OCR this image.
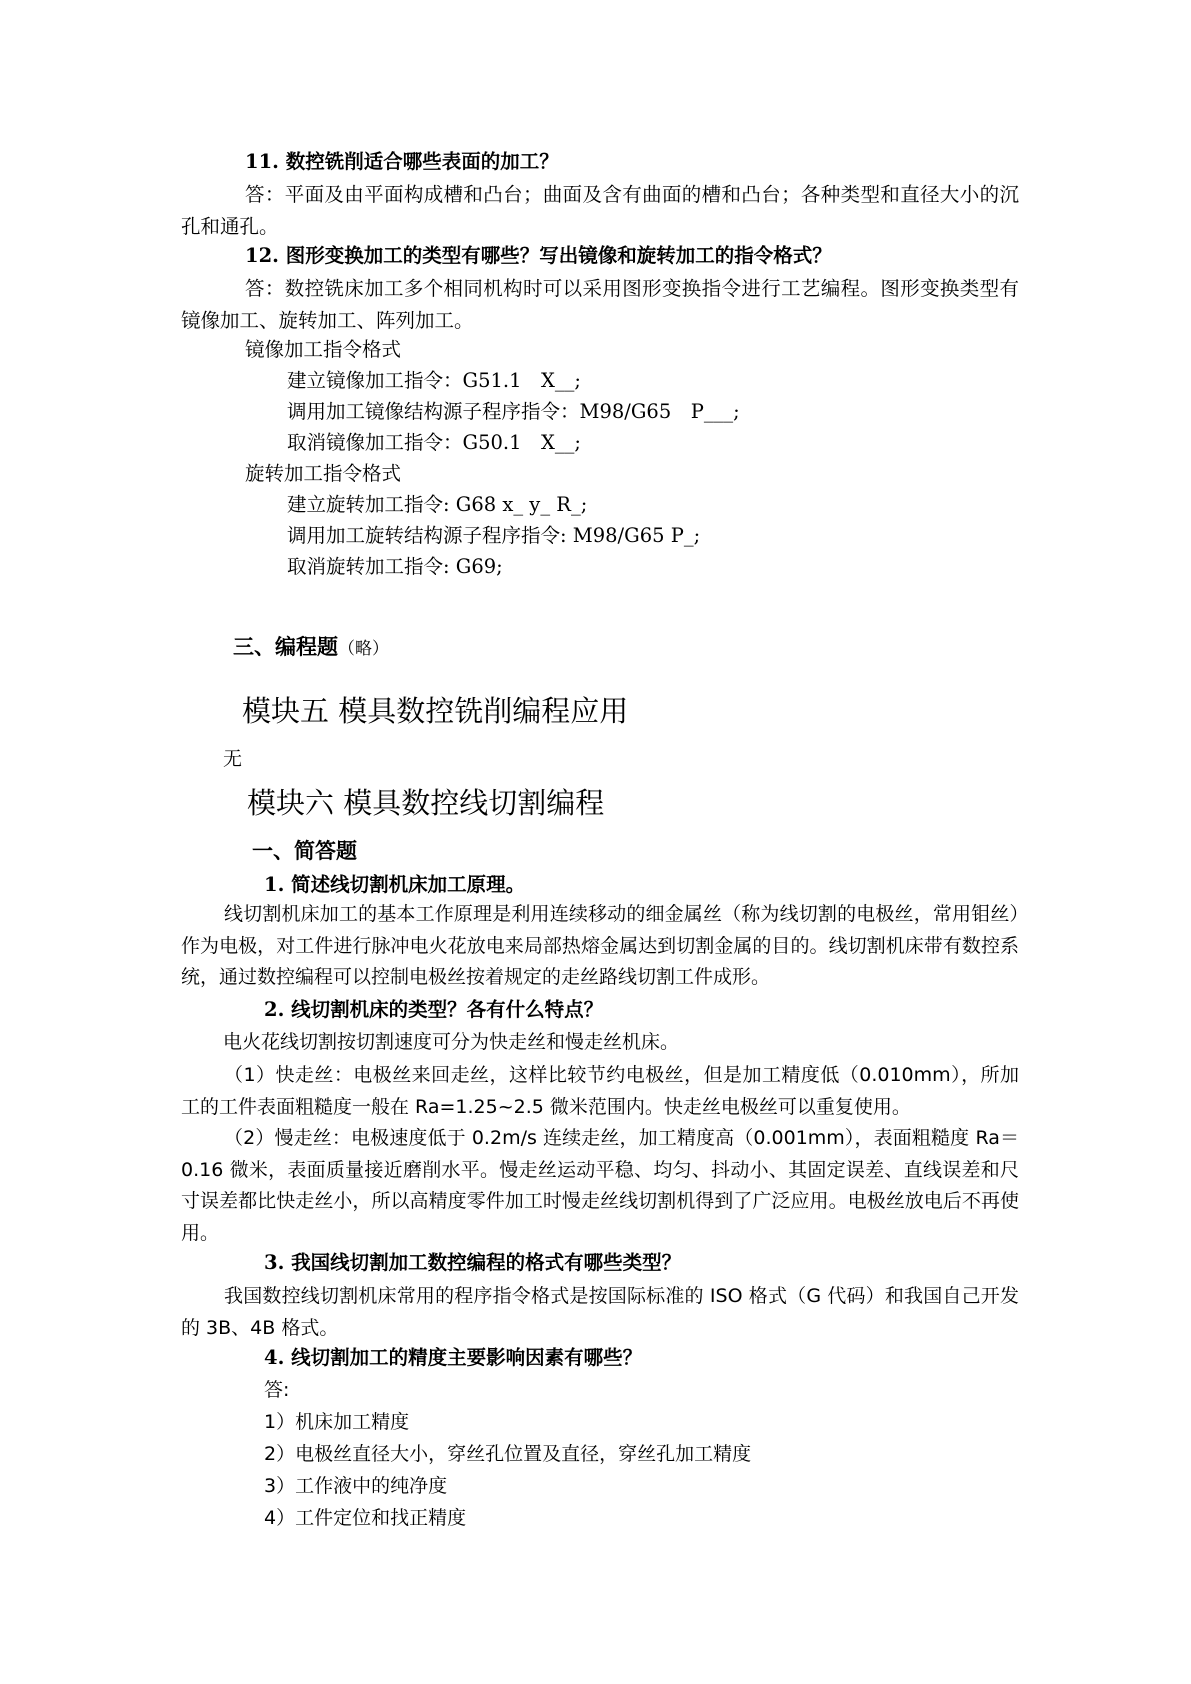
11. 数控铣削适合哪些表面的加工？
答：平面及由平面构成槽和凸台；曲面及含有曲面的槽和凸台；各种类型和直径大小的沉孔和通孔。
12. 图形变换加工的类型有哪些？写出镜像和旋转加工的指令格式？
答：数控铣床加工多个相同机构时可以采用图形变换指令进行工艺编程。图形变换类型有镜像加工、旋转加工、阵列加工。
镜像加工指令格式
建立镜像加工指令：G51.1　X__;
调用加工镜像结构源子程序指令：M98/G65　P___;
取消镜像加工指令：G50.1　X__;
旋转加工指令格式
建立旋转加工指令: G68 x_ y_ R_;
调用加工旋转结构源子程序指令: M98/G65 P_;
取消旋转加工指令: G69;
三、编程题（略）
模块五 模具数控铣削编程应用
无
模块六 模具数控线切割编程
一、简答题
1. 简述线切割机床加工原理。
线切割机床加工的基本工作原理是利用连续移动的细金属丝（称为线切割的电极丝，常用钼丝）作为电极，对工件进行脉冲电火花放电来局部热熔金属达到切割金属的目的。线切割机床带有数控系统，通过数控编程可以控制电极丝按着规定的走丝路线切割工件成形。
2. 线切割机床的类型？各有什么特点？
电火花线切割按切割速度可分为快走丝和慢走丝机床。
（1）快走丝：电极丝来回走丝，这样比较节约电极丝，但是加工精度低（0.010mm），所加工的工件表面粗糙度一般在 Ra=1.25~2.5 微米范围内。快走丝电极丝可以重复使用。
（2）慢走丝：电极速度低于 0.2m/s 连续走丝，加工精度高（0.001mm），表面粗糙度 Ra＝0.16 微米，表面质量接近磨削水平。慢走丝运动平稳、均匀、抖动小、其固定误差、直线误差和尺寸误差都比快走丝小，所以高精度零件加工时慢走丝线切割机得到了广泛应用。电极丝放电后不再使用。
3. 我国线切割加工数控编程的格式有哪些类型？
我国数控线切割机床常用的程序指令格式是按国际标准的 ISO 格式（G 代码）和我国自己开发的 3B、4B 格式。
4. 线切割加工的精度主要影响因素有哪些？
答:
1）机床加工精度
2）电极丝直径大小，穿丝孔位置及直径，穿丝孔加工精度
3）工作液中的纯净度
4）工件定位和找正精度
